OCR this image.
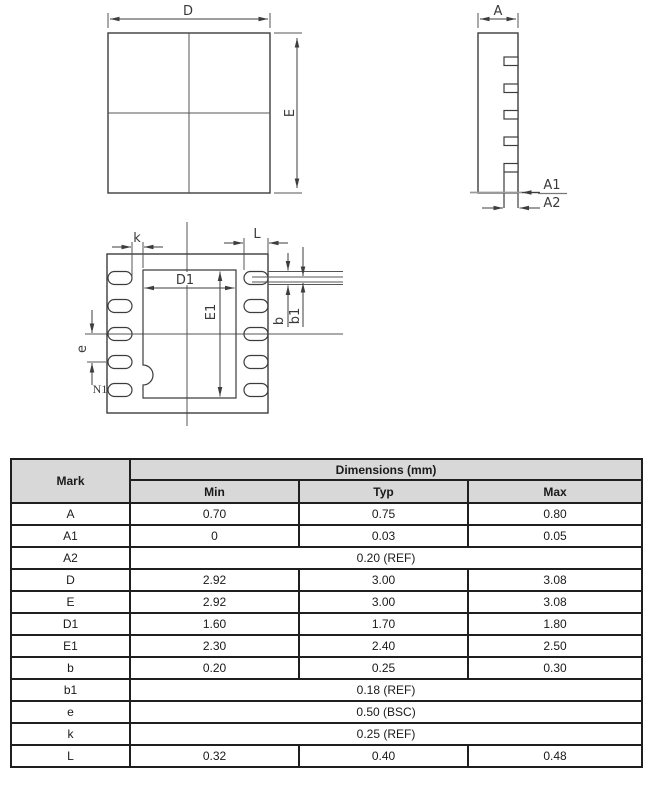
D
E
A
A1
A2
k	L
D1
E1
b b1
e
N1
Mark	Dimensions (mm)		
	Min	Typ	Max
A	0.70	0.75	0.80
A1	0	0.03	0.05
A2	0.20 (REF)		
D	2.92	3.00	3.08
E	2.92	3.00	3.08
D1	1.60	1.70	1.80
E1	2.30	2.40	2.50
b	0.20	0.25	0.30
b1	0.18 (REF)		
e	0.50 (BSC)		
k	0.25 (REF)		
L	0.32	0.40	0.48
